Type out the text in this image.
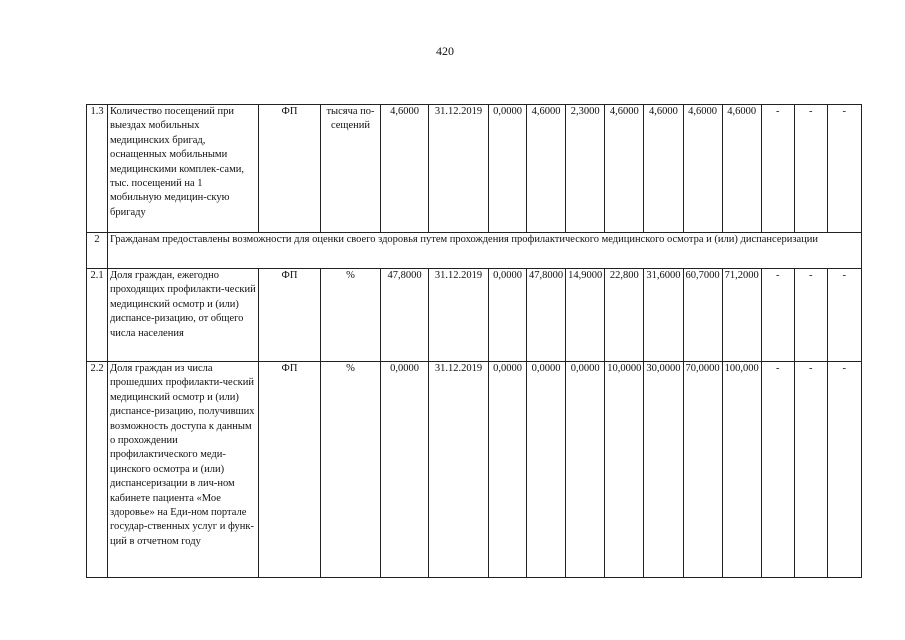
420
1.3	Количество посещений при выездах мобильных медицинских бригад, оснащенных мобильными медицинскими комплек-сами, тыс. посещений на 1 мобильную медицин-скую бригаду	ФП	тысяча по-сещений	4,6000	31.12.2019	0,0000	4,6000	2,3000	4,6000	4,6000	4,6000	4,6000	-	-	-
2	Гражданам предоставлены возможности для оценки своего здоровья путем прохождения профилактического медицинского осмотра и (или) диспансеризации														
2.1	Доля граждан, ежегодно проходящих профилакти-ческий медицинский осмотр и (или) диспансе-ризацию, от общего числа населения	ФП	%	47,8000	31.12.2019	0,0000	47,8000	14,9000	22,800	31,6000	60,7000	71,2000	-	-	-
2.2	Доля граждан из числа прошедших профилакти-ческий медицинский осмотр и (или) диспансе-ризацию, получивших возможность доступа к данным о прохождении профилактического меди-цинского осмотра и (или) диспансеризации в лич-ном кабинете пациента «Мое здоровье» на Еди-ном портале государ-ственных услуг и функ-ций в отчетном году	ФП	%	0,0000	31.12.2019	0,0000	0,0000	0,0000	10,0000	30,0000	70,0000	100,000	-	-	-
